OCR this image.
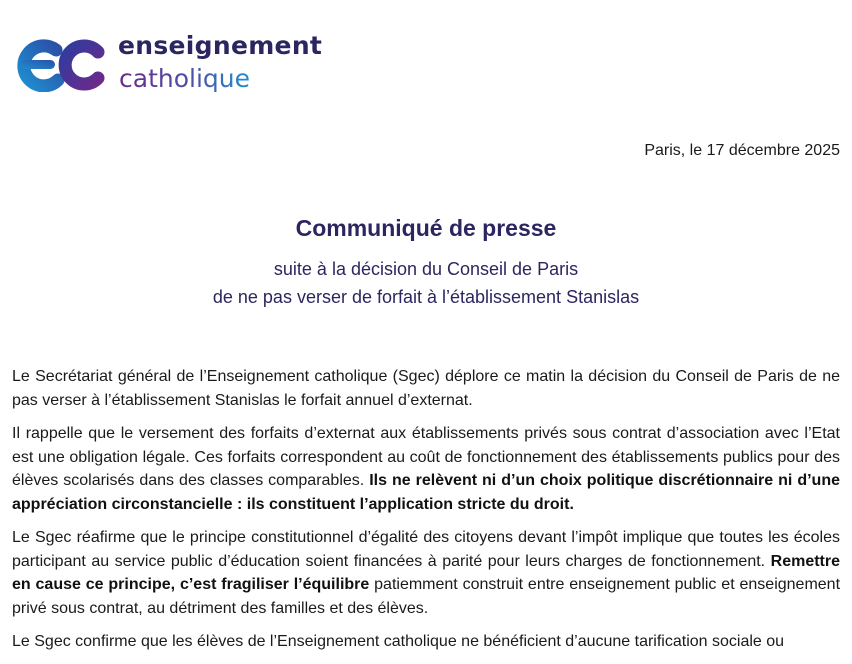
enseignement
catholique
Paris, le 17 décembre 2025
Communiqué de presse
suite à la décision du Conseil de Paris
de ne pas verser de forfait à l’établissement Stanislas

Le Secrétariat général de l’Enseignement catholique (Sgec) déplore ce matin la décision du Conseil de Paris de ne pas verser à l’établissement Stanislas le forfait annuel d’externat.

Il rappelle que le versement des forfaits d’externat aux établissements privés sous contrat d’association avec l’Etat est une obligation légale. Ces forfaits correspondent au coût de fonctionnement des établissements publics pour des élèves scolarisés dans des classes comparables. Ils ne relèvent ni d’un choix politique discrétionnaire ni d’une appréciation circonstancielle : ils constituent l’application stricte du droit.

Le Sgec réafirme que le principe constitutionnel d’égalité des citoyens devant l’impôt implique que toutes les écoles participant au service public d’éducation soient financées à parité pour leurs charges de fonctionnement. Remettre en cause ce principe, c’est fragiliser l’équilibre patiemment construit entre enseignement public et enseignement privé sous contrat, au détriment des familles et des élèves.

Le Sgec confirme que les élèves de l’Enseignement catholique ne bénéficient d’aucune tarification sociale ou
